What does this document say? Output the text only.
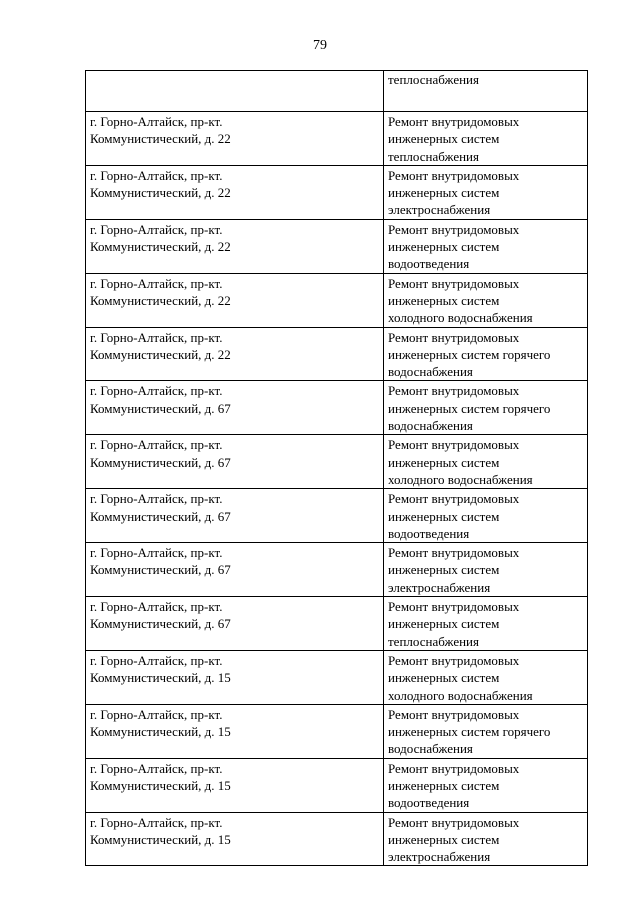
79

	теплоснабжения

г. Горно-Алтайск, пр-кт.
Коммунистический, д. 22	Ремонт внутридомовых
инженерных систем
теплоснабжения

г. Горно-Алтайск, пр-кт.
Коммунистический, д. 22	Ремонт внутридомовых
инженерных систем
электроснабжения

г. Горно-Алтайск, пр-кт.
Коммунистический, д. 22	Ремонт внутридомовых
инженерных систем
водоотведения

г. Горно-Алтайск, пр-кт.
Коммунистический, д. 22	Ремонт внутридомовых
инженерных систем
холодного водоснабжения

г. Горно-Алтайск, пр-кт.
Коммунистический, д. 22	Ремонт внутридомовых
инженерных систем горячего
водоснабжения

г. Горно-Алтайск, пр-кт.
Коммунистический, д. 67	Ремонт внутридомовых
инженерных систем горячего
водоснабжения

г. Горно-Алтайск, пр-кт.
Коммунистический, д. 67	Ремонт внутридомовых
инженерных систем
холодного водоснабжения

г. Горно-Алтайск, пр-кт.
Коммунистический, д. 67	Ремонт внутридомовых
инженерных систем
водоотведения

г. Горно-Алтайск, пр-кт.
Коммунистический, д. 67	Ремонт внутридомовых
инженерных систем
электроснабжения

г. Горно-Алтайск, пр-кт.
Коммунистический, д. 67	Ремонт внутридомовых
инженерных систем
теплоснабжения

г. Горно-Алтайск, пр-кт.
Коммунистический, д. 15	Ремонт внутридомовых
инженерных систем
холодного водоснабжения

г. Горно-Алтайск, пр-кт.
Коммунистический, д. 15	Ремонт внутридомовых
инженерных систем горячего
водоснабжения

г. Горно-Алтайск, пр-кт.
Коммунистический, д. 15	Ремонт внутридомовых
инженерных систем
водоотведения

г. Горно-Алтайск, пр-кт.
Коммунистический, д. 15	Ремонт внутридомовых
инженерных систем
электроснабжения
